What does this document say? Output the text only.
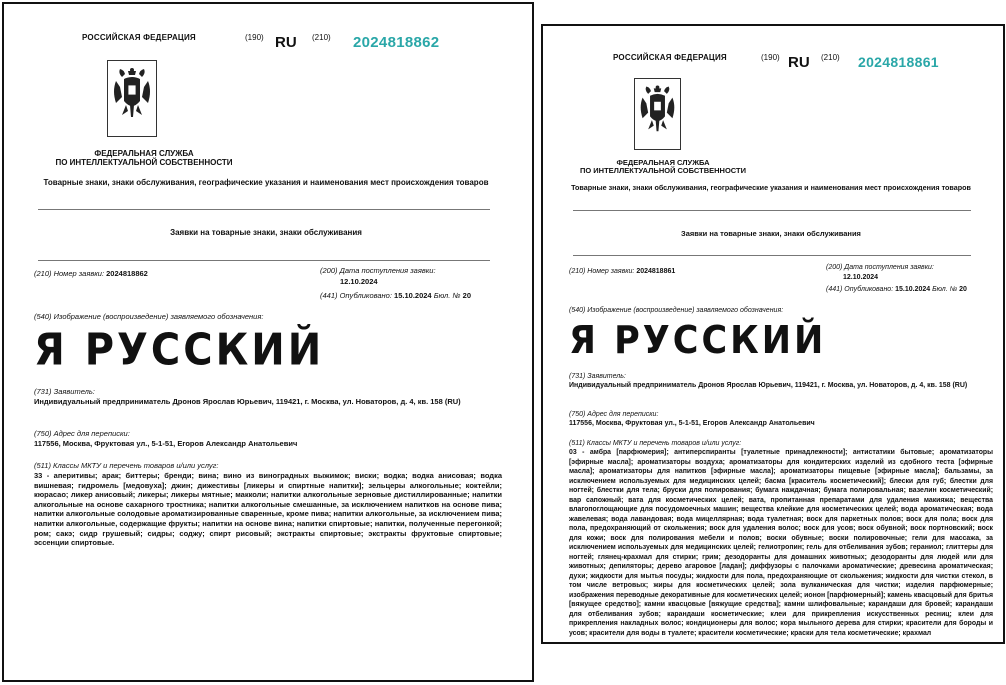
РОССИЙСКАЯ ФЕДЕРАЦИЯ	(190) RU (210) 2024818862
ФЕДЕРАЛЬНАЯ СЛУЖБА
ПО ИНТЕЛЛЕКТУАЛЬНОЙ СОБСТВЕННОСТИ
Товарные знаки, знаки обслуживания, географические указания и наименования мест происхождения товаров
Заявки на товарные знаки, знаки обслуживания
(210) Номер заявки: 2024818862	(200) Дата поступления заявки:
12.10.2024
(441) Опубликовано: 15.10.2024 Бюл. № 20
(540) Изображение (воспроизведение) заявляемого обозначения:
Я РУССКИЙ
(731) Заявитель:
Индивидуальный предприниматель Дронов Ярослав Юрьевич, 119421, г. Москва, ул. Новаторов, д. 4, кв. 158 (RU)
(750) Адрес для переписки:
117556, Москва, Фруктовая ул., 5-1-51, Егоров Александр Анатольевич
(511) Классы МКТУ и перечень товаров и/или услуг:
33 - аперитивы; арак; биттеры; бренди; вина; вино из виноградных выжимок; виски; водка; водка анисовая; водка вишневая; гидромель [медовуха]; джин; дижестивы [ликеры и спиртные напитки]; зельцеры алкогольные; коктейли; кюрасао; ликер анисовый; ликеры; ликеры мятные; макколи; напитки алкогольные зерновые дистиллированные; напитки алкогольные на основе сахарного тростника; напитки алкогольные смешанные, за исключением напитков на основе пива; напитки алкогольные солодовые ароматизированные сваренные, кроме пива; напитки алкогольные, за исключением пива; напитки алкогольные, содержащие фрукты; напитки на основе вина; напитки спиртовые; напитки, полученные перегонкой; ром; сакэ; сидр грушевый; сидры; соджу; спирт рисовый; экстракты спиртовые; экстракты фруктовые спиртовые; эссенции спиртовые.
РОССИЙСКАЯ ФЕДЕРАЦИЯ	(190) RU (210) 2024818861
ФЕДЕРАЛЬНАЯ СЛУЖБА
ПО ИНТЕЛЛЕКТУАЛЬНОЙ СОБСТВЕННОСТИ
Товарные знаки, знаки обслуживания, географические указания и наименования мест происхождения товаров
Заявки на товарные знаки, знаки обслуживания
(210) Номер заявки: 2024818861
(200) Дата поступления заявки:
12.10.2024
(441) Опубликовано: 15.10.2024 Бюл. № 20
(540) Изображение (воспроизведение) заявляемого обозначения:
Я РУССКИЙ
(731) Заявитель:
Индивидуальный предприниматель Дронов Ярослав Юрьевич, 119421, г. Москва, ул. Новаторов, д. 4, кв. 158 (RU)
(750) Адрес для переписки:
117556, Москва, Фруктовая ул., 5-1-51, Егоров Александр Анатольевич
(511) Классы МКТУ и перечень товаров и/или услуг:
03 - амбра [парфюмерия]; антиперспиранты [туалетные принадлежности]; антистатики бытовые; ароматизаторы [эфирные масла]; ароматизаторы воздуха; ароматизаторы для кондитерских изделий из сдобного теста [эфирные масла]; ароматизаторы для напитков [эфирные масла]; ароматизаторы пищевые [эфирные масла]; бальзамы, за исключением используемых для медицинских целей; басма [краситель косметический]; блески для губ; блестки для ногтей; блестки для тела; бруски для полирования; бумага наждачная; бумага полировальная; вазелин косметический; вар сапожный; вата для косметических целей; вата, пропитанная препаратами для удаления макияжа; вещества влагопоглощающие для посудомоечных машин; вещества клейкие для косметических целей; вода ароматическая; вода жавелевая; вода лавандовая; вода мицеллярная; вода туалетная; воск для паркетных полов; воск для пола; воск для пола, предохраняющий от скольжения; воск для удаления волос; воск для усов; воск обувной; воск портновский; воск для кожи; воск для полирования мебели и полов; воски обувные; воски полировочные; гели для массажа, за исключением используемых для медицинских целей; гелиотропин; гель для отбеливания зубов; гераниол; глиттеры для ногтей; глянец-крахмал для стирки; грим; дезодоранты для домашних животных; дезодоранты для людей или для животных; депиляторы; дерево агаровое [ладан]; диффузоры с палочками ароматические; древесина ароматическая; духи; жидкости для мытья посуды; жидкости для пола, предохраняющие от скольжения; жидкости для чистки стекол, в том числе ветровых; жиры для косметических целей; зола вулканическая для чистки; изделия парфюмерные; изображения переводные декоративные для косметических целей; ионон [парфюмерный]; камень квасцовый для бритья [вяжущее средство]; камни квасцовые [вяжущие средства]; камни шлифовальные; карандаши для бровей; карандаши для отбеливания зубов; карандаши косметические; клеи для прикрепления искусственных ресниц; клеи для прикрепления накладных волос; кондиционеры для волос; кора мыльного дерева для стирки; красители для бороды и усов; красители для воды в туалете; красители косметические; краски для тела косметические; крахмал
